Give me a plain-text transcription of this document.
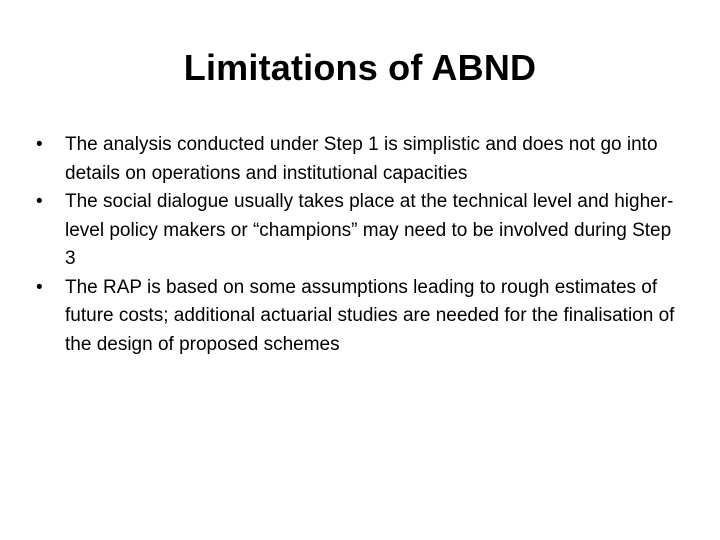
Limitations of ABND
•	The analysis conducted under Step 1 is simplistic and does not go into details on operations and institutional capacities
•	The social dialogue usually takes place at the technical level and higher-level policy makers or “champions” may need to be involved during Step 3
•	The RAP is based on some assumptions leading to rough estimates of future costs; additional actuarial studies are needed for the finalisation of the design of proposed schemes
